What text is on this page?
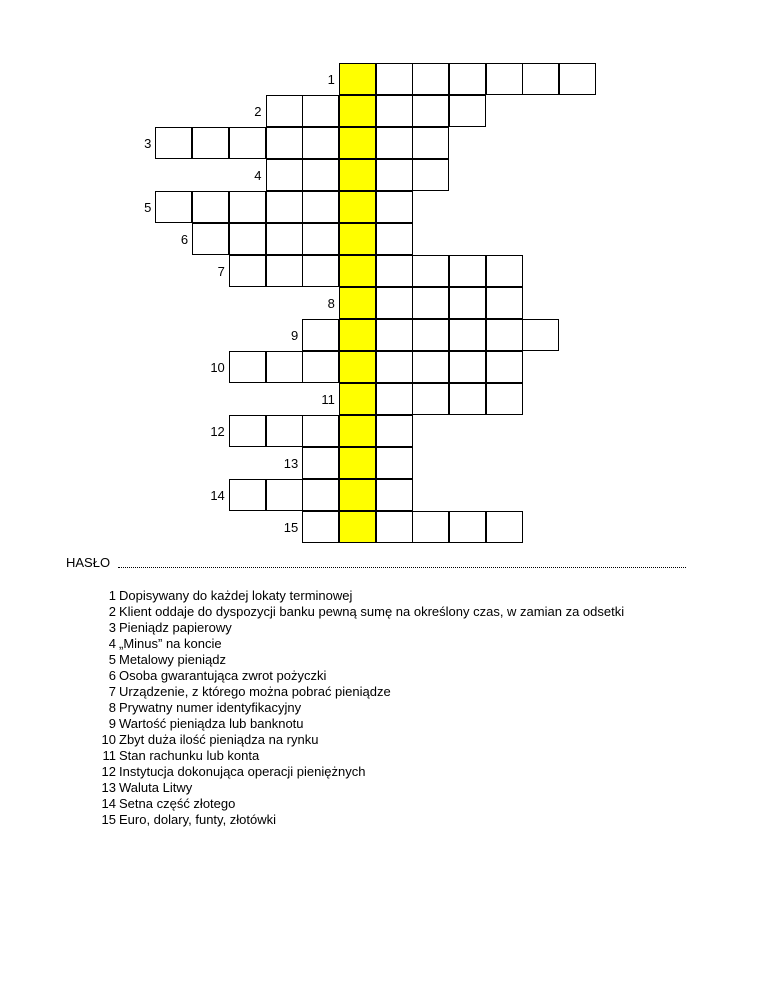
1
2
3
4
5
6
7
8
9
10
11
12
13
14
15
HASŁO
1 Dopisywany do każdej lokaty terminowej
2 Klient oddaje do dyspozycji banku pewną sumę na określony czas, w zamian za odsetki
3 Pieniądz papierowy
4 „Minus” na koncie
5 Metalowy pieniądz
6 Osoba gwarantująca zwrot pożyczki
7 Urządzenie, z którego można pobrać pieniądze
8 Prywatny numer identyfikacyjny
9 Wartość pieniądza lub banknotu
10 Zbyt duża ilość pieniądza na rynku
11 Stan rachunku lub konta
12 Instytucja dokonująca operacji pieniężnych
13 Waluta Litwy
14 Setna część złotego
15 Euro, dolary, funty, złotówki
